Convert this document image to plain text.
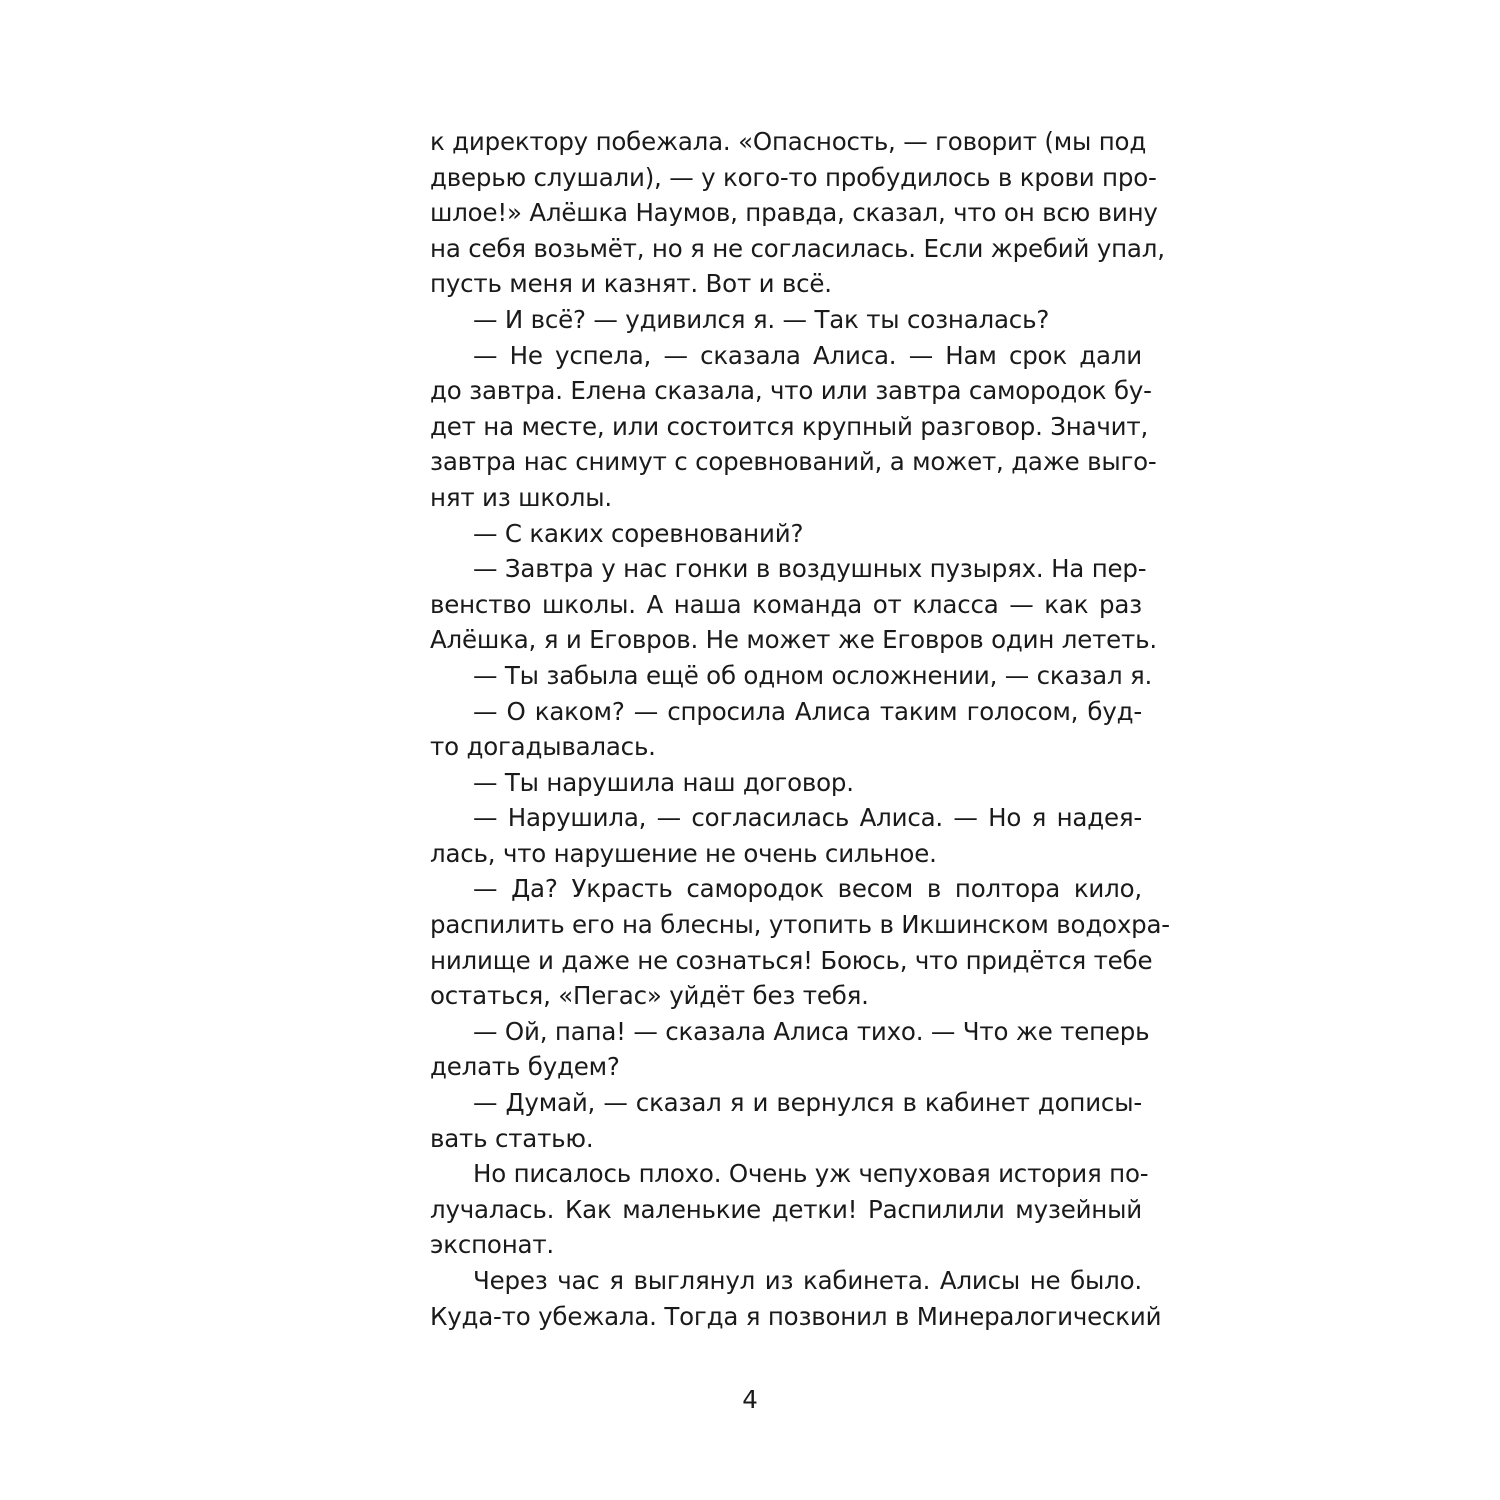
к директору побежала. «Опасность, — говорит (мы под
дверью слушали), — у кого-то пробудилось в крови про-
шлое!» Алёшка Наумов, правда, сказал, что он всю вину
на себя возьмёт, но я не согласилась. Если жребий упал,
пусть меня и казнят. Вот и всё.
— И всё? — удивился я. — Так ты созналась?
— Не успела, — сказала Алиса. — Нам срок дали
до завтра. Елена сказала, что или завтра самородок бу-
дет на месте, или состоится крупный разговор. Значит,
завтра нас снимут с соревнований, а может, даже выго-
нят из школы.
— С каких соревнований?
— Завтра у нас гонки в воздушных пузырях. На пер-
венство школы. А наша команда от класса — как раз
Алёшка, я и Еговров. Не может же Еговров один лететь.
— Ты забыла ещё об одном осложнении, — сказал я.
— О каком? — спросила Алиса таким голосом, буд-
то догадывалась.
— Ты нарушила наш договор.
— Нарушила, — согласилась Алиса. — Но я надея-
лась, что нарушение не очень сильное.
— Да? Украсть самородок весом в полтора кило,
распилить его на блесны, утопить в Икшинском водохра-
нилище и даже не сознаться! Боюсь, что придётся тебе
остаться, «Пегас» уйдёт без тебя.
— Ой, папа! — сказала Алиса тихо. — Что же теперь
делать будем?
— Думай, — сказал я и вернулся в кабинет дописы-
вать статью.
Но писалось плохо. Очень уж чепуховая история по-
лучалась. Как маленькие детки! Распилили музейный
экспонат.
Через час я выглянул из кабинета. Алисы не было.
Куда-то убежала. Тогда я позвонил в Минералогический
4
